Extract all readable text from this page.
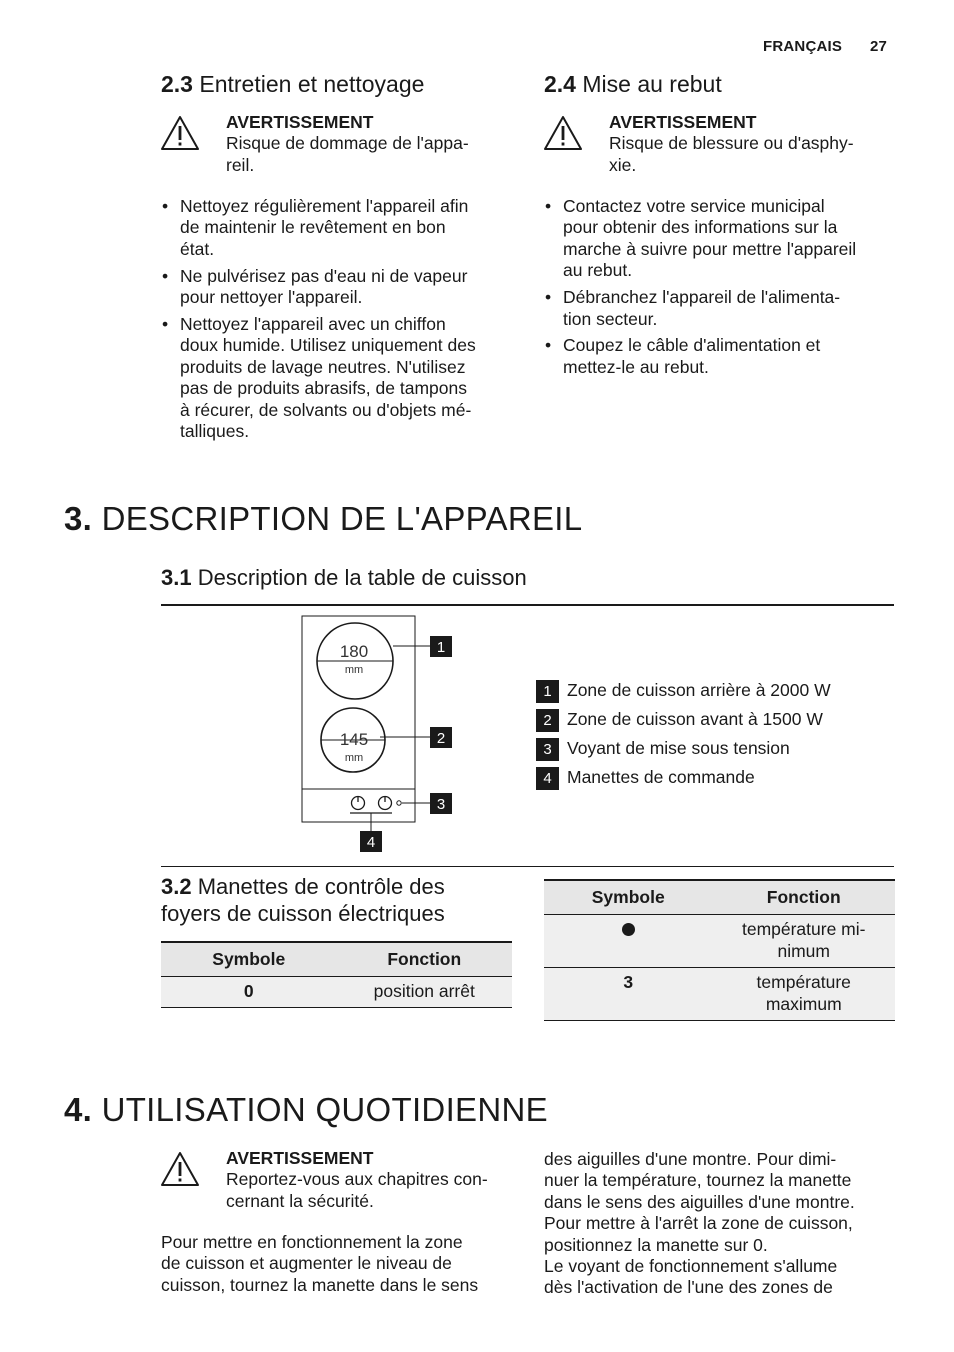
FRANÇAIS 27
2.3 Entretien et nettoyage
AVERTISSEMENT
Risque de dommage de l'appa-
reil.
• Nettoyez régulièrement l'appareil afin
de maintenir le revêtement en bon
état.
• Ne pulvérisez pas d'eau ni de vapeur
pour nettoyer l'appareil.
• Nettoyez l'appareil avec un chiffon
doux humide. Utilisez uniquement des
produits de lavage neutres. N'utilisez
pas de produits abrasifs, de tampons
à récurer, de solvants ou d'objets mé-
talliques.
2.4 Mise au rebut
AVERTISSEMENT
Risque de blessure ou d'asphy-
xie.
• Contactez votre service municipal
pour obtenir des informations sur la
marche à suivre pour mettre l'appareil
au rebut.
• Débranchez l'appareil de l'alimenta-
tion secteur.
• Coupez le câble d'alimentation et
mettez-le au rebut.
3. DESCRIPTION DE L'APPAREIL
3.1 Description de la table de cuisson
180
mm
145
mm
1
2
3
4
1 Zone de cuisson arrière à 2000 W
2 Zone de cuisson avant à 1500 W
3 Voyant de mise sous tension
4 Manettes de commande
3.2 Manettes de contrôle des
foyers de cuisson électriques
Symbole	Fonction
0	position arrêt
Symbole	Fonction

	température mi-
nimum

3	température
maximum
4. UTILISATION QUOTIDIENNE
AVERTISSEMENT
Reportez-vous aux chapitres con-
cernant la sécurité.
Pour mettre en fonctionnement la zone
de cuisson et augmenter le niveau de
cuisson, tournez la manette dans le sens
des aiguilles d'une montre. Pour dimi-
nuer la température, tournez la manette
dans le sens des aiguilles d'une montre.
Pour mettre à l'arrêt la zone de cuisson,
positionnez la manette sur 0.
Le voyant de fonctionnement s'allume
dès l'activation de l'une des zones de
